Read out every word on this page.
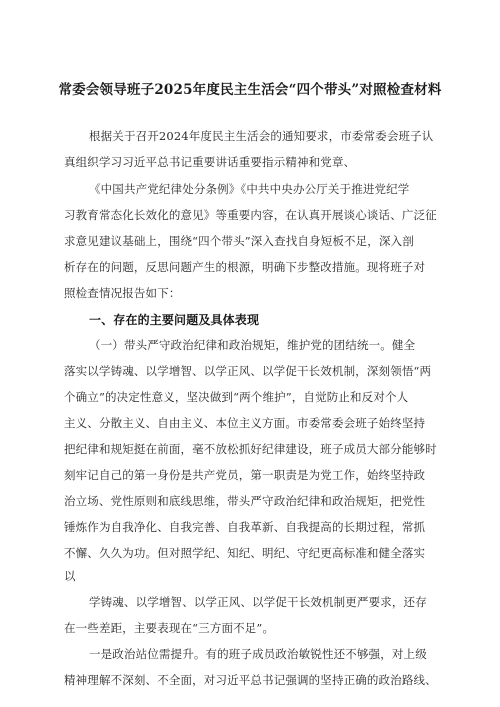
常委会领导班子2025年度民主生活会“四个带头”对照检查材料
根据关于召开2024年度民主生活会的通知要求，市委常委会班子认
真组织学习习近平总书记重要讲话重要指示精神和党章、
《中国共产党纪律处分条例》《中共中央办公厅关于推进党纪学
习教育常态化长效化的意见》等重要内容，在认真开展谈心谈话、广泛征
求意见建议基础上，围绕“四个带头”深入查找自身短板不足，深入剖
析存在的问题，反思问题产生的根源，明确下步整改措施。现将班子对
照检查情况报告如下：
一、存在的主要问题及具体表现
（一）带头严守政治纪律和政治规矩，维护党的团结统一。健全
落实以学铸魂、以学增智、以学正风、以学促干长效机制，深刻领悟“两
个确立”的决定性意义，坚决做到“两个维护”，自觉防止和反对个人
主义、分散主义、自由主义、本位主义方面。市委常委会班子始终坚持
把纪律和规矩挺在前面，毫不放松抓好纪律建设，班子成员大部分能够时
刻牢记自己的第一身份是共产党员，第一职责是为党工作，始终坚持政
治立场、党性原则和底线思维，带头严守政治纪律和政治规矩，把党性
锤炼作为自我净化、自我完善、自我革新、自我提高的长期过程，常抓
不懈、久久为功。但对照学纪、知纪、明纪、守纪更高标准和健全落实
以
学铸魂、以学增智、以学正风、以学促干长效机制更严要求，还存
在一些差距，主要表现在“三方面不足”。
一是政治站位需提升。有的班子成员政治敏锐性还不够强，对上级
精神理解不深刻、不全面，对习近平总书记强调的坚持正确的政治路线、
